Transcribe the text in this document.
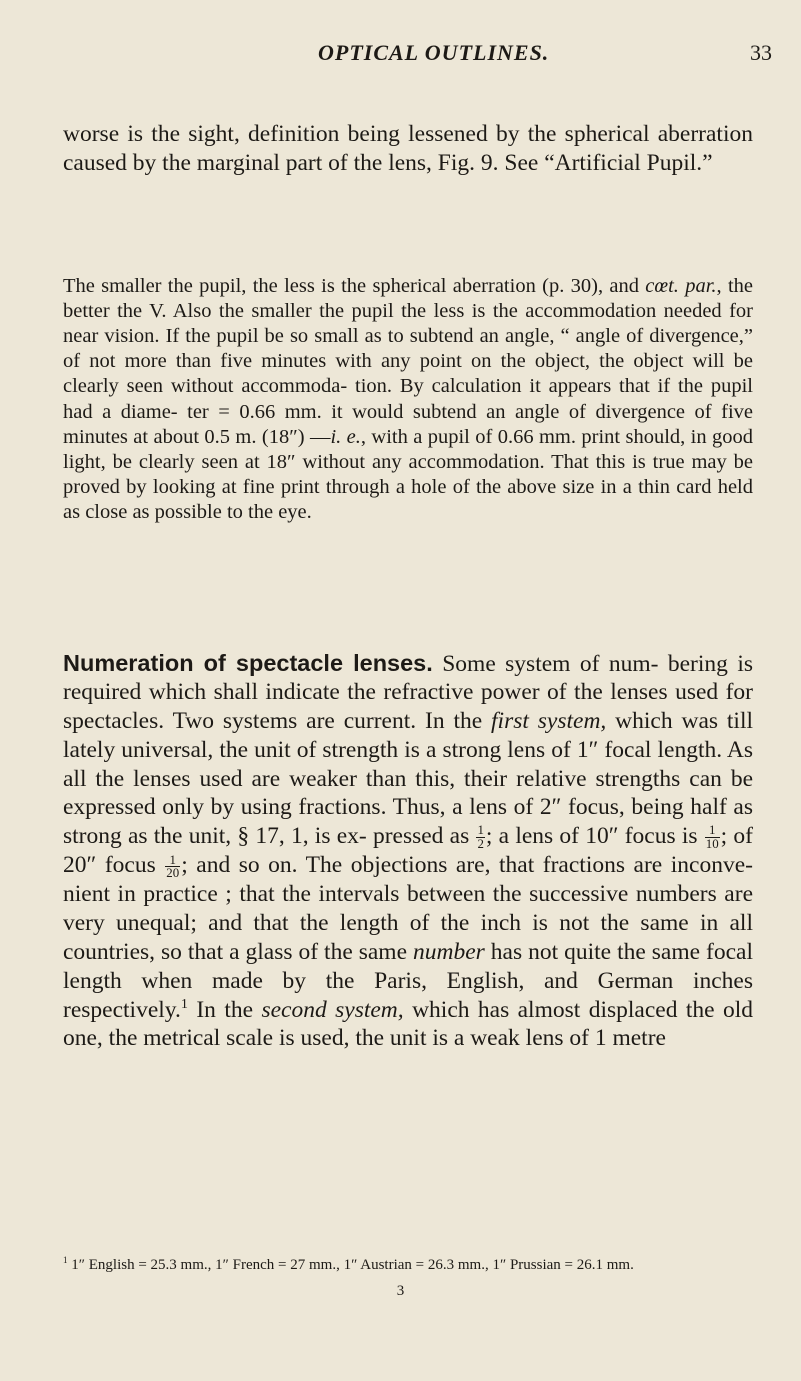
OPTICAL OUTLINES.	33

worse is the sight, definition being lessened by the spherical aberration caused by the marginal part of the lens, Fig. 9. See “Artificial Pupil.”

The smaller the pupil, the less is the spherical aberration (p. 30), and cœt. par., the better the V. Also the smaller the pupil the less is the accommodation needed for near vision. If the pupil be so small as to subtend an angle, “ angle of divergence,” of not more than five minutes with any point on the object, the object will be clearly seen without accommoda- tion. By calculation it appears that if the pupil had a diame- ter = 0.66 mm. it would subtend an angle of divergence of five minutes at about 0.5 m. (18″) —i. e., with a pupil of 0.66 mm. print should, in good light, be clearly seen at 18″ without any accommodation. That this is true may be proved by looking at fine print through a hole of the above size in a thin card held as close as possible to the eye.

Numeration of spectacle lenses. Some system of num- bering is required which shall indicate the refractive power of the lenses used for spectacles. Two systems are current. In the first system, which was till lately universal, the unit of strength is a strong lens of 1″ focal length. As all the lenses used are weaker than this, their relative strengths can be expressed only by using fractions. Thus, a lens of 2″ focus, being half as strong as the unit, § 17, 1, is ex- pressed as $\frac{1}{2}$ ; a lens of 10″ focus is $\frac{1}{10}$ ; of 20″ focus $\frac{1}{20}$ ; and so on. The objections are, that fractions are inconve- nient in practice ; that the intervals between the successive numbers are very unequal; and that the length of the inch is not the same in all countries, so that a glass of the same number has not quite the same focal length when made by the Paris, English, and German inches respectively.$^1$ In the second system, which has almost displaced the old one, the metrical scale is used, the unit is a weak lens of 1 metre

$^1$ 1″ English = 25.3 mm., 1″ French = 27 mm., 1″ Austrian = 26.3 mm., 1″ Prussian = 26.1 mm.

3
